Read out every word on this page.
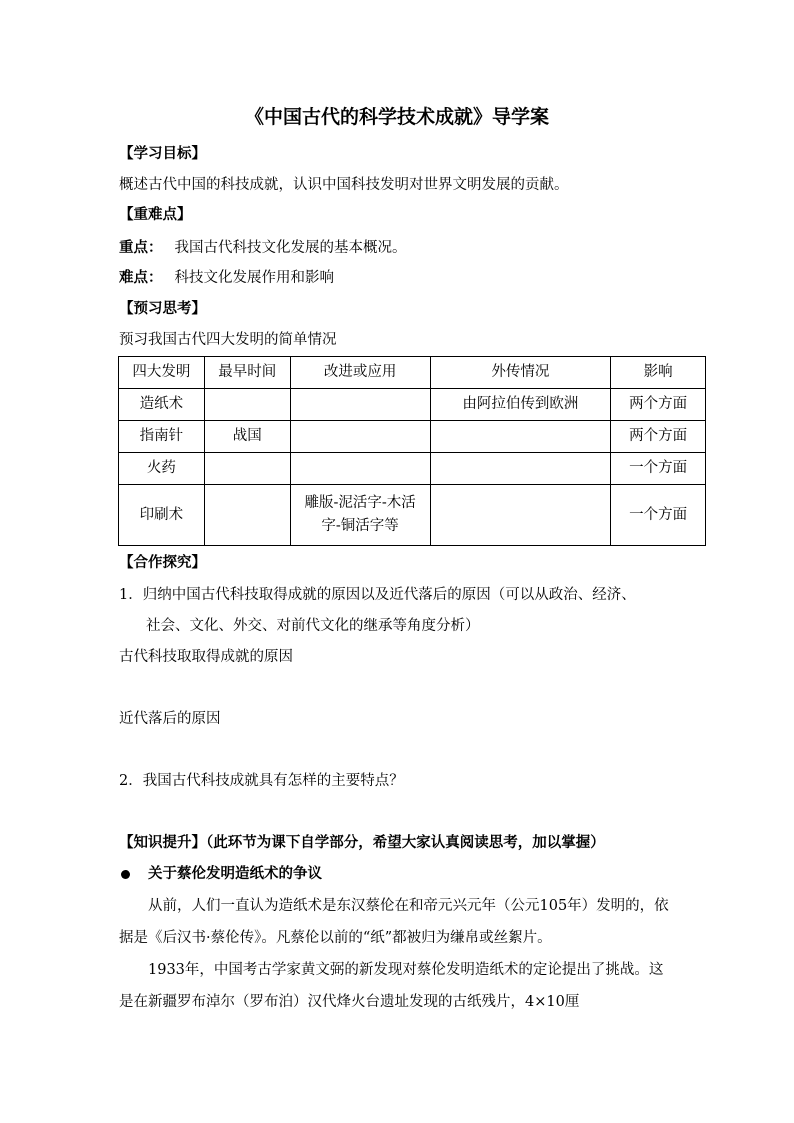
《中国古代的科学技术成就》导学案
【学习目标】
概述古代中国的科技成就，认识中国科技发明对世界文明发展的贡献。
【重难点】
重点： 我国古代科技文化发展的基本概况。
难点： 科技文化发展作用和影响
【预习思考】
预习我国古代四大发明的简单情况
四大发明	最早时间	改进或应用	外传情况	影响
造纸术			由阿拉伯传到欧洲	两个方面
指南针	战国			两个方面
火药				一个方面
印刷术		雕版-泥活字-木活字-铜活字等		一个方面
【合作探究】
1．归纳中国古代科技取得成就的原因以及近代落后的原因（可以从政治、经济、
社会、文化、外交、对前代文化的继承等角度分析）
古代科技取取得成就的原因
近代落后的原因
2．我国古代科技成就具有怎样的主要特点？
【知识提升】（此环节为课下自学部分，希望大家认真阅读思考，加以掌握）
关于蔡伦发明造纸术的争议
从前，人们一直认为造纸术是东汉蔡伦在和帝元兴元年（公元105年）发明的，依据是《后汉书·蔡伦传》。凡蔡伦以前的“纸”都被归为缣帛或丝絮片。
1933年，中国考古学家黄文弼的新发现对蔡伦发明造纸术的定论提出了挑战。这是在新疆罗布淖尔（罗布泊）汉代烽火台遗址发现的古纸残片，4×10厘
